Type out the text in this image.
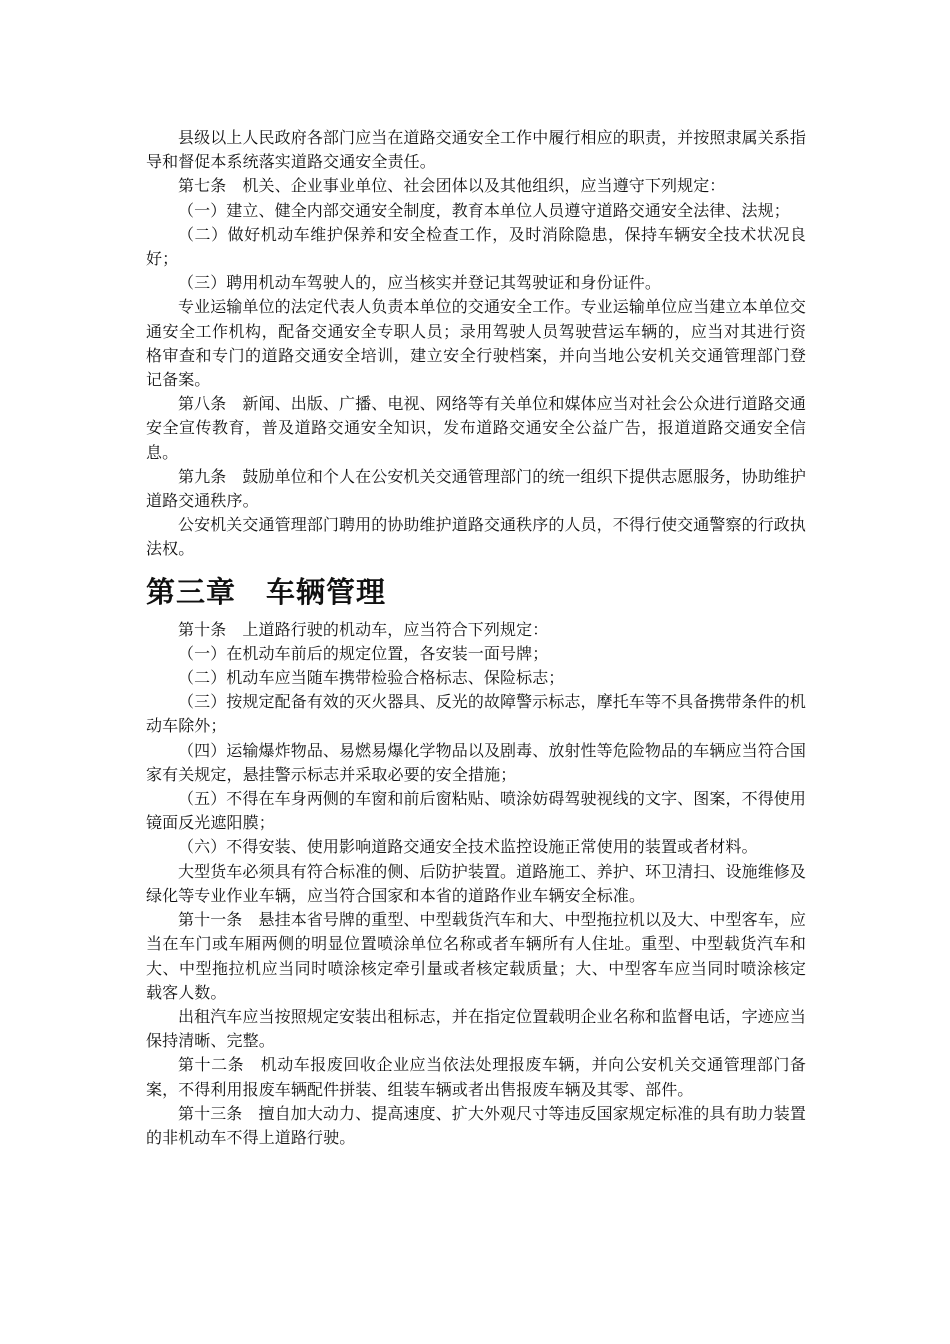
县级以上人民政府各部门应当在道路交通安全工作中履行相应的职责，并按照隶属关系指导和督促本系统落实道路交通安全责任。

第七条　机关、企业事业单位、社会团体以及其他组织，应当遵守下列规定：

（一）建立、健全内部交通安全制度，教育本单位人员遵守道路交通安全法律、法规；

（二）做好机动车维护保养和安全检查工作，及时消除隐患，保持车辆安全技术状况良好；

（三）聘用机动车驾驶人的，应当核实并登记其驾驶证和身份证件。

专业运输单位的法定代表人负责本单位的交通安全工作。专业运输单位应当建立本单位交通安全工作机构，配备交通安全专职人员；录用驾驶人员驾驶营运车辆的，应当对其进行资格审查和专门的道路交通安全培训，建立安全行驶档案，并向当地公安机关交通管理部门登记备案。

第八条　新闻、出版、广播、电视、网络等有关单位和媒体应当对社会公众进行道路交通安全宣传教育，普及道路交通安全知识，发布道路交通安全公益广告，报道道路交通安全信息。

第九条　鼓励单位和个人在公安机关交通管理部门的统一组织下提供志愿服务，协助维护道路交通秩序。

公安机关交通管理部门聘用的协助维护道路交通秩序的人员，不得行使交通警察的行政执法权。

第三章　车辆管理

第十条　上道路行驶的机动车，应当符合下列规定：

（一）在机动车前后的规定位置，各安装一面号牌；

（二）机动车应当随车携带检验合格标志、保险标志；

（三）按规定配备有效的灭火器具、反光的故障警示标志，摩托车等不具备携带条件的机动车除外；

（四）运输爆炸物品、易燃易爆化学物品以及剧毒、放射性等危险物品的车辆应当符合国家有关规定，悬挂警示标志并采取必要的安全措施；

（五）不得在车身两侧的车窗和前后窗粘贴、喷涂妨碍驾驶视线的文字、图案，不得使用镜面反光遮阳膜；

（六）不得安装、使用影响道路交通安全技术监控设施正常使用的装置或者材料。

大型货车必须具有符合标准的侧、后防护装置。道路施工、养护、环卫清扫、设施维修及绿化等专业作业车辆，应当符合国家和本省的道路作业车辆安全标准。

第十一条　悬挂本省号牌的重型、中型载货汽车和大、中型拖拉机以及大、中型客车，应当在车门或车厢两侧的明显位置喷涂单位名称或者车辆所有人住址。重型、中型载货汽车和大、中型拖拉机应当同时喷涂核定牵引量或者核定载质量；大、中型客车应当同时喷涂核定载客人数。

出租汽车应当按照规定安装出租标志，并在指定位置载明企业名称和监督电话，字迹应当保持清晰、完整。

第十二条　机动车报废回收企业应当依法处理报废车辆，并向公安机关交通管理部门备案，不得利用报废车辆配件拼装、组装车辆或者出售报废车辆及其零、部件。

第十三条　擅自加大动力、提高速度、扩大外观尺寸等违反国家规定标准的具有助力装置的非机动车不得上道路行驶。
